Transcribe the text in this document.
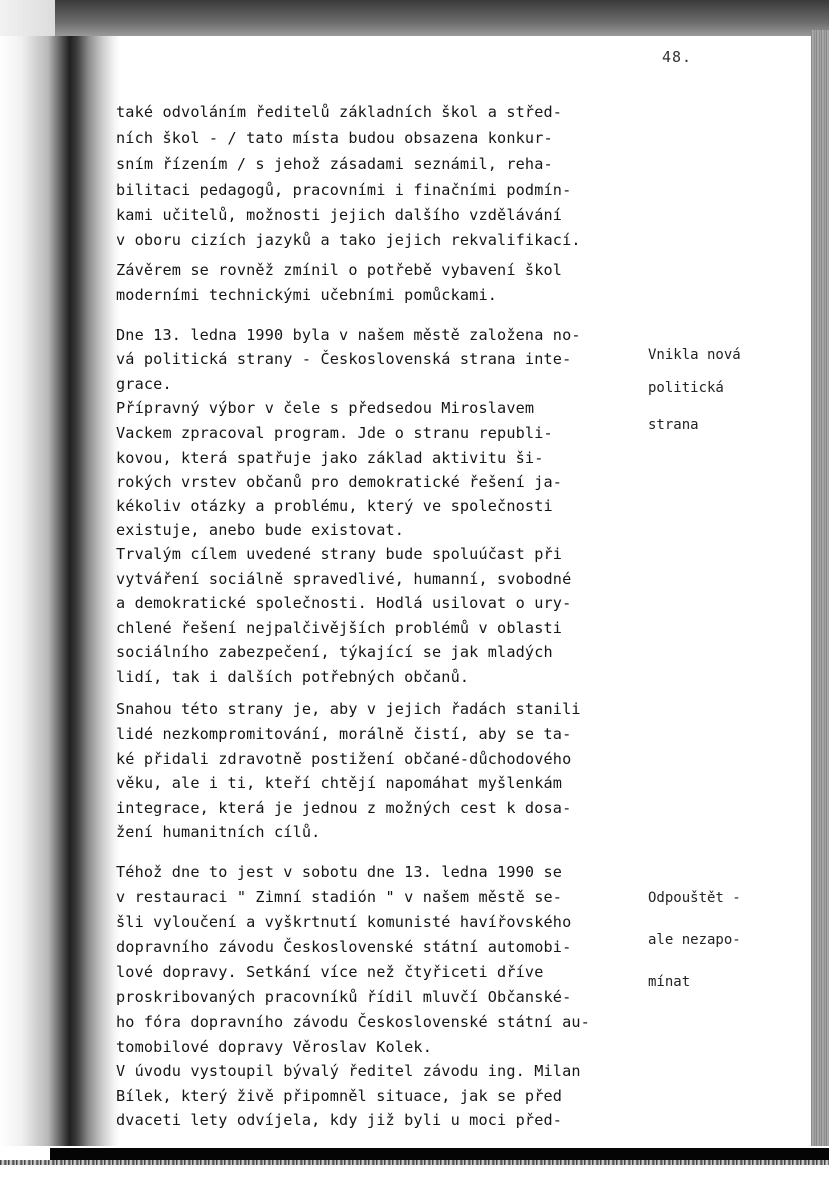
48.
také odvoláním ředitelů základních škol a střed-
ních škol - / tato místa budou obsazena konkur-
sním řízením / s jehož zásadami seznámil, reha-
bilitaci pedagogů, pracovními i finačními podmín-
kami učitelů, možnosti jejich dalšího vzdělávání
v oboru cizích jazyků a tako jejich rekvalifikací.
Závěrem se rovněž zmínil o potřebě vybavení škol
moderními technickými učebními pomůckami.
Dne 13. ledna 1990 byla v našem městě založena no-
vá politická strany - Československá strana inte-
grace.
Přípravný výbor v čele s předsedou Miroslavem
Vackem zpracoval program. Jde o stranu republi-
kovou, která spatřuje jako základ aktivitu ši-
rokých vrstev občanů pro demokratické řešení ja-
kékoliv otázky a problému, který ve společnosti
existuje, anebo bude existovat.
Trvalým cílem uvedené strany bude spoluúčast při
vytváření sociálně spravedlivé, humanní, svobodné
a demokratické společnosti. Hodlá usilovat o ury-
chlené řešení nejpalčivějších problémů v oblasti
sociálního zabezpečení, týkající se jak mladých
lidí, tak i dalších potřebných občanů.
Snahou této strany je, aby v jejich řadách stanili
lidé nezkompromitování, morálně čistí, aby se ta-
ké přidali zdravotně postižení občané-důchodového
věku, ale i ti, kteří chtějí napomáhat myšlenkám
integrace, která je jednou z možných cest k dosa-
žení humanitních cílů.
Téhož dne to jest v sobotu dne 13. ledna 1990 se
v restauraci " Zimní stadión " v našem městě se-
šli vyloučení a vyškrtnutí komunisté havířovského
dopravního závodu Československé státní automobi-
lové dopravy. Setkání více než čtyřiceti dříve
proskribovaných pracovníků řídil mluvčí Občanské-
ho fóra dopravního závodu Československé státní au-
tomobilové dopravy Věroslav Kolek.
V úvodu vystoupil bývalý ředitel závodu ing. Milan
Bílek, který živě připomněl situace, jak se před
dvaceti lety odvíjela, kdy již byli u moci před-

Vnikla nová

politická

strana

Odpouštět -

ale nezapo-

mínat
